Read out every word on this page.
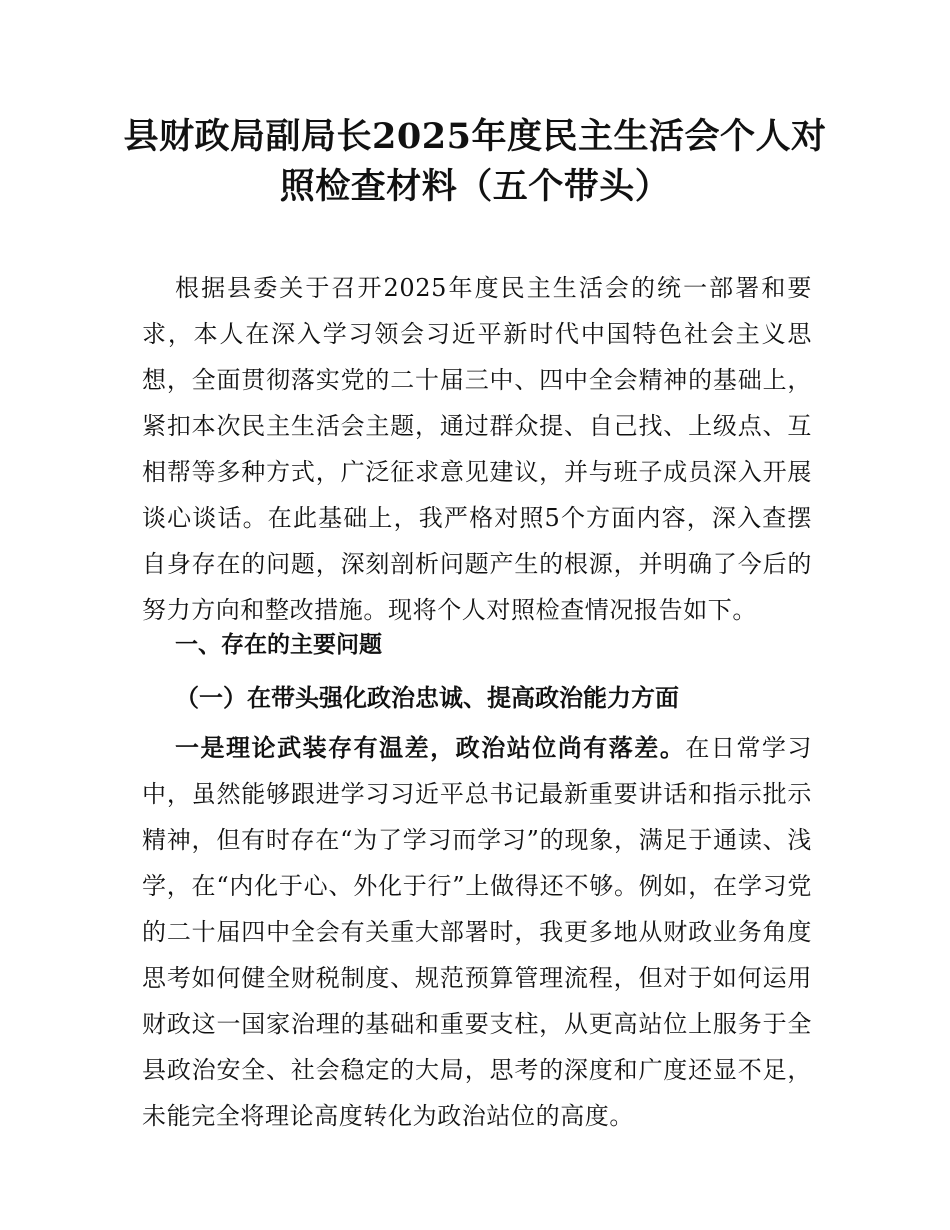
县财政局副局长2025年度民主生活会个人对照检查材料（五个带头）

根据县委关于召开2025年度民主生活会的统一部署和要求，本人在深入学习领会习近平新时代中国特色社会主义思想，全面贯彻落实党的二十届三中、四中全会精神的基础上，紧扣本次民主生活会主题，通过群众提、自己找、上级点、互相帮等多种方式，广泛征求意见建议，并与班子成员深入开展谈心谈话。在此基础上，我严格对照5个方面内容，深入查摆自身存在的问题，深刻剖析问题产生的根源，并明确了今后的努力方向和整改措施。现将个人对照检查情况报告如下。

一、存在的主要问题
（一）在带头强化政治忠诚、提高政治能力方面

一是理论武装存有温差，政治站位尚有落差。在日常学习中，虽然能够跟进学习习近平总书记最新重要讲话和指示批示精神，但有时存在“为了学习而学习”的现象，满足于通读、浅学，在“内化于心、外化于行”上做得还不够。例如，在学习党的二十届四中全会有关重大部署时，我更多地从财政业务角度思考如何健全财税制度、规范预算管理流程，但对于如何运用财政这一国家治理的基础和重要支柱，从更高站位上服务于全县政治安全、社会稳定的大局，思考的深度和广度还显不足，未能完全将理论高度转化为政治站位的高度。
